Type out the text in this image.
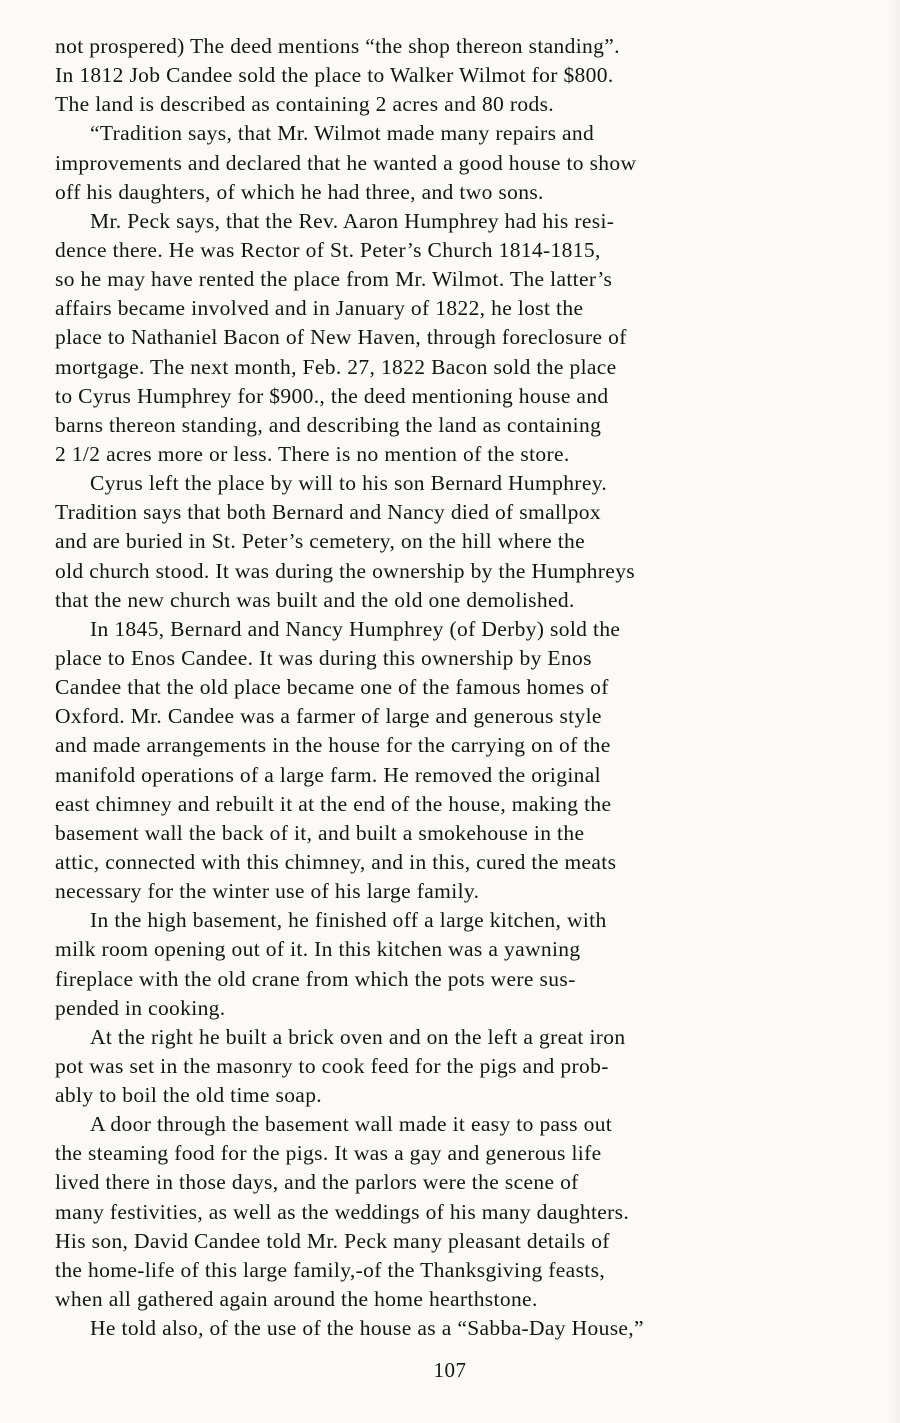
not prospered) The deed mentions “the shop thereon standing”.
In 1812 Job Candee sold the place to Walker Wilmot for $800.
The land is described as containing 2 acres and 80 rods.
“Tradition says, that Mr. Wilmot made many repairs and
improvements and declared that he wanted a good house to show
off his daughters, of which he had three, and two sons.
Mr. Peck says, that the Rev. Aaron Humphrey had his resi-
dence there. He was Rector of St. Peter’s Church 1814-1815,
so he may have rented the place from Mr. Wilmot. The latter’s
affairs became involved and in January of 1822, he lost the
place to Nathaniel Bacon of New Haven, through foreclosure of
mortgage. The next month, Feb. 27, 1822 Bacon sold the place
to Cyrus Humphrey for $900., the deed mentioning house and
barns thereon standing, and describing the land as containing
2 1/2 acres more or less. There is no mention of the store.
Cyrus left the place by will to his son Bernard Humphrey.
Tradition says that both Bernard and Nancy died of smallpox
and are buried in St. Peter’s cemetery, on the hill where the
old church stood. It was during the ownership by the Humphreys
that the new church was built and the old one demolished.
In 1845, Bernard and Nancy Humphrey (of Derby) sold the
place to Enos Candee. It was during this ownership by Enos
Candee that the old place became one of the famous homes of
Oxford. Mr. Candee was a farmer of large and generous style
and made arrangements in the house for the carrying on of the
manifold operations of a large farm. He removed the original
east chimney and rebuilt it at the end of the house, making the
basement wall the back of it, and built a smokehouse in the
attic, connected with this chimney, and in this, cured the meats
necessary for the winter use of his large family.
In the high basement, he finished off a large kitchen, with
milk room opening out of it. In this kitchen was a yawning
fireplace with the old crane from which the pots were sus-
pended in cooking.
At the right he built a brick oven and on the left a great iron
pot was set in the masonry to cook feed for the pigs and prob-
ably to boil the old time soap.
A door through the basement wall made it easy to pass out
the steaming food for the pigs. It was a gay and generous life
lived there in those days, and the parlors were the scene of
many festivities, as well as the weddings of his many daughters.
His son, David Candee told Mr. Peck many pleasant details of
the home-life of this large family,-of the Thanksgiving feasts,
when all gathered again around the home hearthstone.
He told also, of the use of the house as a “Sabba-Day House,”
107
